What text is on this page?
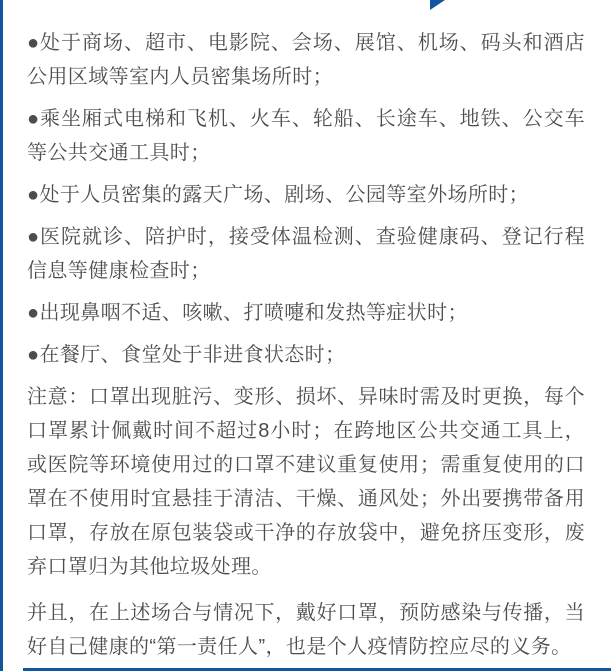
●处于商场、超市、电影院、会场、展馆、机场、码头和酒店公用区域等室内人员密集场所时；

●乘坐厢式电梯和飞机、火车、轮船、长途车、地铁、公交车等公共交通工具时；

●处于人员密集的露天广场、剧场、公园等室外场所时；

●医院就诊、陪护时，接受体温检测、查验健康码、登记行程信息等健康检查时；

●出现鼻咽不适、咳嗽、打喷嚏和发热等症状时；

●在餐厅、食堂处于非进食状态时；

注意：口罩出现脏污、变形、损坏、异味时需及时更换，每个口罩累计佩戴时间不超过8小时；在跨地区公共交通工具上，或医院等环境使用过的口罩不建议重复使用；需重复使用的口罩在不使用时宜悬挂于清洁、干燥、通风处；外出要携带备用口罩，存放在原包装袋或干净的存放袋中，避免挤压变形，废弃口罩归为其他垃圾处理。

并且，在上述场合与情况下，戴好口罩，预防感染与传播，当好自己健康的“第一责任人”，也是个人疫情防控应尽的义务。
